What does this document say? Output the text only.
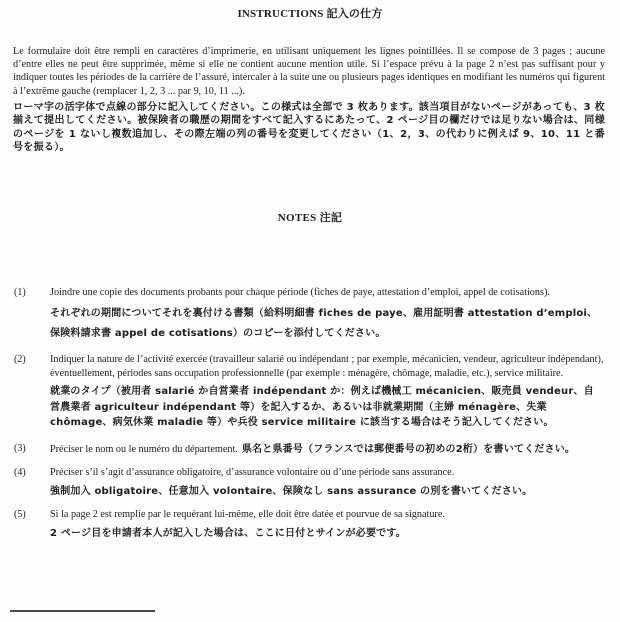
INSTRUCTIONS 記入の仕方

Le formulaire doit être rempli en caractères d’imprimerie, en utilisant uniquement les lignes pointillées. Il se compose de 3 pages ; aucune d’entre elles ne peut être supprimée, même si elle ne contient aucune mention utile. Si l’espace prévu à la page 2 n’est pas suffisant pour y indiquer toutes les périodes de la carrière de l’assuré, intercaler à la suite une ou plusieurs pages identiques en modifiant les numéros qui figurent à l’extrême gauche (remplacer 1, 2, 3 ... par 9, 10, 11 ...).

ローマ字の活字体で点線の部分に記入してください。この様式は全部で 3 枚あります。該当項目がないページがあっても、3 枚揃えて提出してください。被保険者の職歴の期間をすべて記入するにあたって、2 ページ目の欄だけでは足りない場合は、同様のページを 1 ないし複数追加し、その際左端の列の番号を変更してください（1、2，3、の代わりに例えば 9、10、11 と番号を振る）。

NOTES 注記
(1) Joindre une copie des documents probants pour chaque période (fiches de paye, attestation d’emploi, appel de cotisations).
それぞれの期間についてそれを裏付ける書類（給料明細書 fiches de paye、雇用証明書 attestation d’emploi、保険料請求書 appel de cotisations）のコピーを添付してください。
(2) Indiquer la nature de l’activité exercée (travailleur salarié ou indépendant ; par exemple, mécanicien, vendeur, agriculteur indépendant), éventuellement, périodes sans occupation professionnelle (par exemple : ménagère, chômage, maladie, etc.), service militaire.
就業のタイプ（被用者 salarié か自営業者 indépendant か：例えば機械工 mécanicien、販売員 vendeur、自営農業者 agriculteur indépendant 等）を記入するか、あるいは非就業期間（主婦 ménagère、失業 chômage、病気休業 maladie 等）や兵役 service militaire に該当する場合はそう記入してください。
(3) Préciser le nom ou le numéro du département. 県名と県番号（フランスでは郵便番号の初めの2桁）を書いてください。
(4) Préciser s’il s’agit d’assurance obligatoire, d’assurance volontaire ou d’une période sans assurance.
強制加入 obligatoire、任意加入 volontaire、保険なし sans assurance の別を書いてください。
(5) Si la page 2 est remplie par le requérant lui-même, elle doit être datée et pourvue de sa signature.
2 ページ目を申請者本人が記入した場合は、ここに日付とサインが必要です。
